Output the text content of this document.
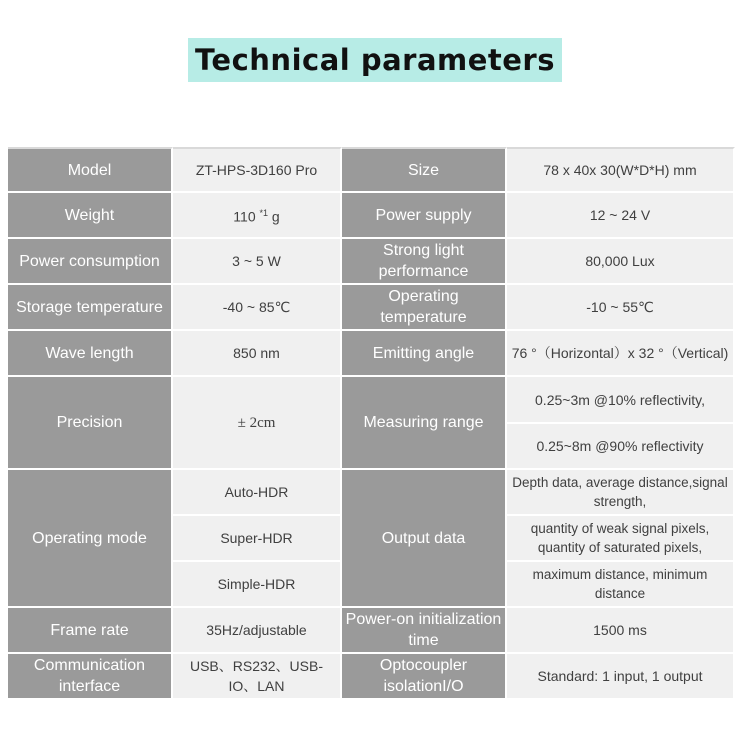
Technical parameters
Model	ZT-HPS-3D160 Pro	Size	78 x 40x 30(W*D*H) mm
Weight	110 $^{*1}$ g	Power supply	12 ~ 24 V
Power consumption	3 ~ 5 W	Strong light performance	80,000 Lux
Storage temperature	-40 ~ 85℃	Operating temperature	-10 ~ 55℃
Wave length	850 nm	Emitting angle	76 °（Horizontal）x 32 °（Vertical)
Precision	± 2cm	Measuring range	0.25~3m @10% reflectivity,
			0.25~8m @90% reflectivity
Operating mode	Auto-HDR	Output data	Depth data, average distance,signal strength,
	Super-HDR		quantity of weak signal pixels, quantity of saturated pixels,
	Simple-HDR		maximum distance, minimum distance
Frame rate	35Hz/adjustable	Power-on initialization time	1500 ms
Communication interface	USB、RS232、USB-IO、LAN	Optocoupler isolationI/O	Standard: 1 input, 1 output
